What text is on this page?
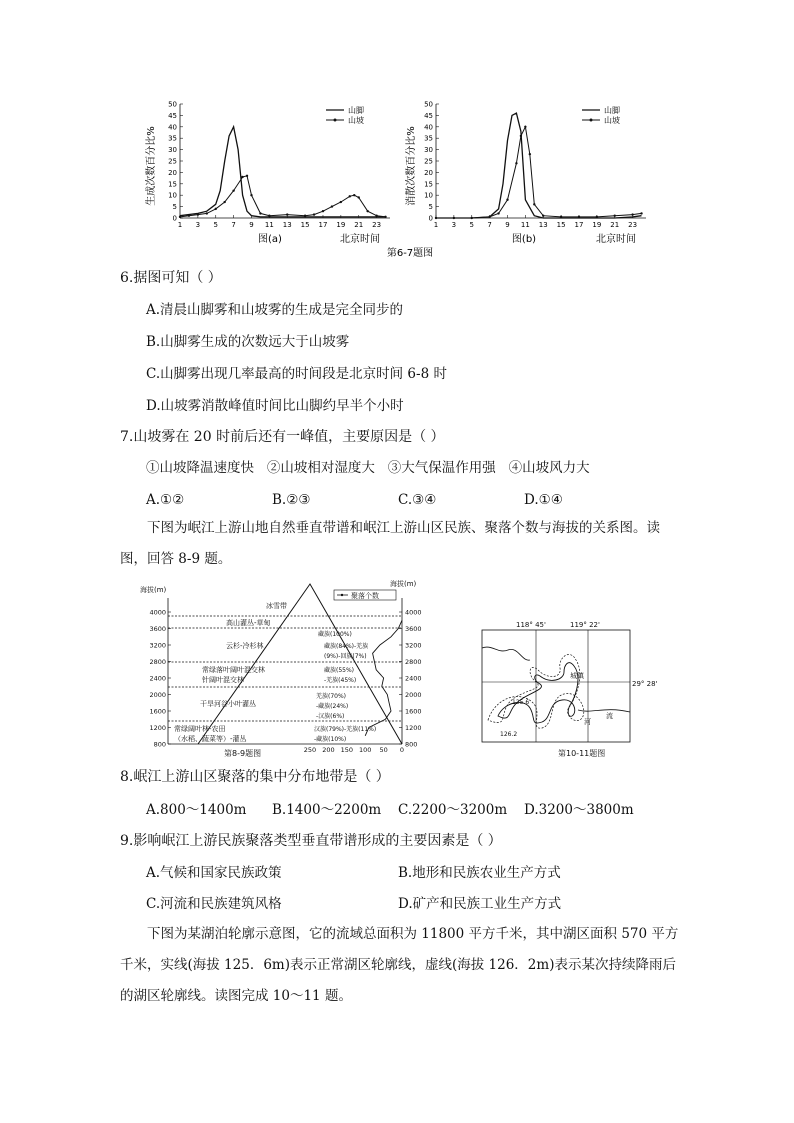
0
5
10
15
20
25
30
35
40
45
50
1 3 5 7 9 11 13 15 17 19 21 23
山脚
山坡
生成次数百分比%
图(a)	北京时间
0
5
10
15
20
25
30
35
40
45
50
1 3 5 7 9 11 13 15 17 19 21 23
山脚
山坡
消散次数百分比%
图(b)	北京时间
第6-7题图
6.据图可知（ ）
A.清晨山脚雾和山坡雾的生成是完全同步的
B.山脚雾生成的次数远大于山坡雾
C.山脚雾出现几率最高的时间段是北京时间 6-8 时
D.山坡雾消散峰值时间比山脚约早半个小时
7.山坡雾在 20 时前后还有一峰值，主要原因是（ ）
①山坡降温速度快   ②山坡相对湿度大   ③大气保温作用强   ④山坡风力大
A.①②	B.②③	C.③④	D.①④
下图为岷江上游山地自然垂直带谱和岷江上游山区民族、聚落个数与海拔的关系图。读图，回答 8-9 题。
海拔(m)
海拔(m)
4000	4000
3600	3600
3200	3200
2800	2800
2400	2400
2000	2000
1600	1600
1200	1200
800	800
250 200 150 100 50 0
冰雪带
高山灌丛-草甸
云杉-冷杉林
常绿落叶阔叶混交林
针阔叶混交林
干旱河谷小叶灌丛
常绿阔叶林-农田
（水稻、蔬菜等）-灌丛
聚落个数
藏族(100%)
藏族(84%)-羌族
(9%)-回族(7%)
藏族(55%)
-羌族(45%)
羌族(70%)
-藏族(24%)
-汉族(6%)
汉族(79%)-羌族(11%)
-藏族(10%)
第8-9题图
118° 45'	119° 22'
29° 28'
城镇
河
流
125.6
126.2
第10-11题图
8.岷江上游山区聚落的集中分布地带是（ ）
A.800～1400m B.1400～2200m C.2200～3200m D.3200～3800m
9.影响岷江上游民族聚落类型垂直带谱形成的主要因素是（ ）
A.气候和国家民族政策	B.地形和民族农业生产方式
C.河流和民族建筑风格	D.矿产和民族工业生产方式
下图为某湖泊轮廓示意图，它的流域总面积为 11800 平方千米，其中湖区面积 570 平方千米，实线(海拔 125．6m)表示正常湖区轮廓线，虚线(海拔 126．2m)表示某次持续降雨后的湖区轮廓线。读图完成 10～11 题。
